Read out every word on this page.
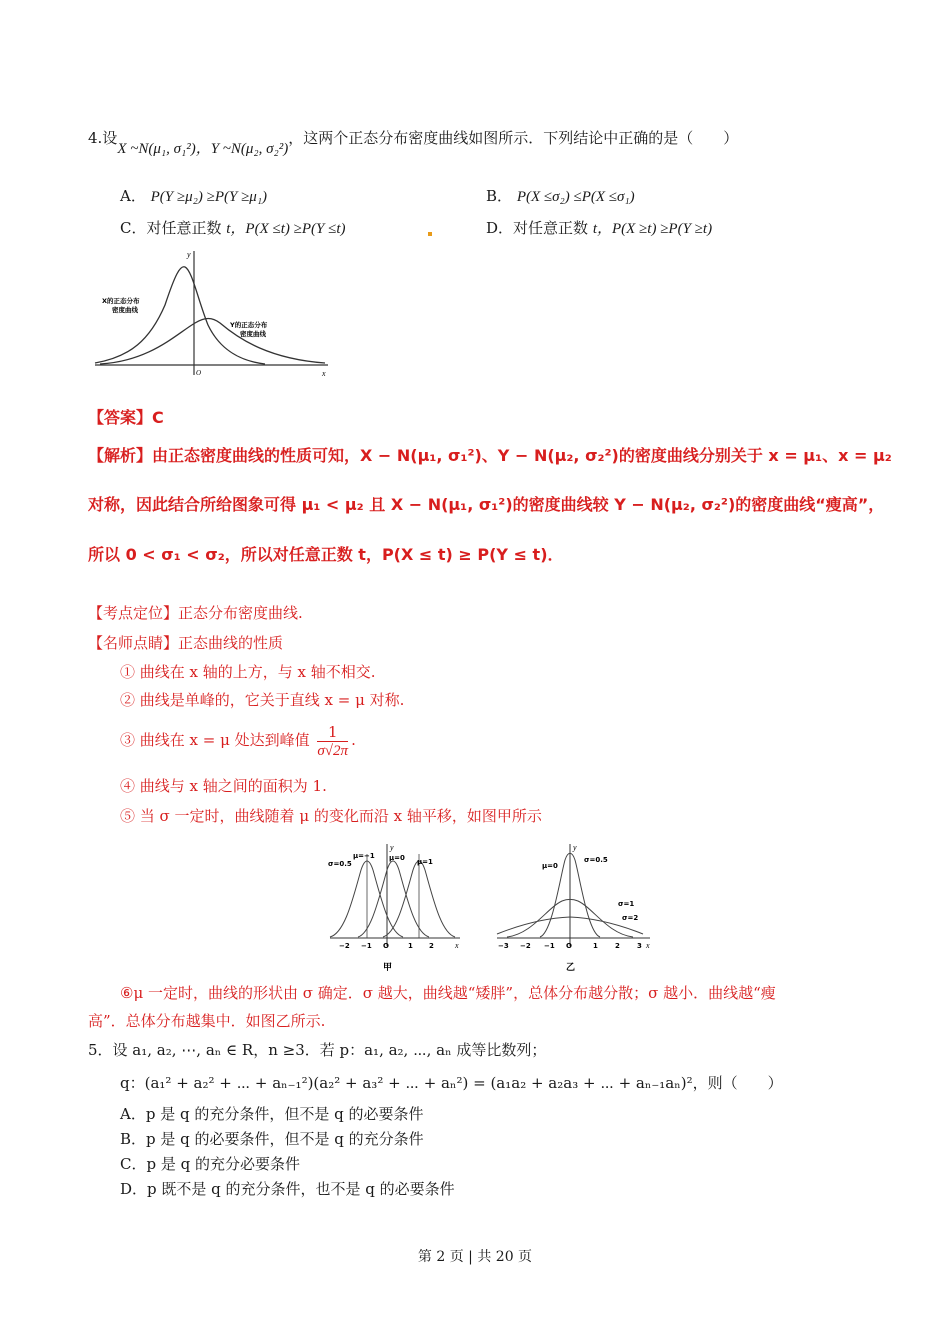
4.设X ~N(μ₁, σ₁²)，Y ~N(μ₂, σ₂²)，这两个正态分布密度曲线如图所示．下列结论中正确的是（　　）
A． P(Y ≥μ₂) ≥P(Y ≥μ₁)	B． P(X ≤σ₂) ≤P(X ≤σ₁)
C．对任意正数 t，P(X ≤t) ≥P(Y ≤t)	D．对任意正数 t，P(X ≥t) ≥P(Y ≥t)
y
x
O
X的正态分布
密度曲线
Y的正态分布
密度曲线
【答案】C
【解析】由正态密度曲线的性质可知，X − N(μ₁, σ₁²)、Y − N(μ₂, σ₂²)的密度曲线分别关于 x = μ₁、x = μ₂
对称，因此结合所给图象可得 μ₁ < μ₂ 且 X − N(μ₁, σ₁²)的密度曲线较 Y − N(μ₂, σ₂²)的密度曲线“瘦高”，
所以 0 < σ₁ < σ₂，所以对任意正数 t，P(X ≤ t) ≥ P(Y ≤ t)．
【考点定位】正态分布密度曲线.
【名师点睛】正态曲线的性质
① 曲线在 x 轴的上方，与 x 轴不相交.
② 曲线是单峰的，它关于直线 x = μ 对称.
③ 曲线在 x = μ 处达到峰值 $\frac{1}{\sigma√2\pi}$ .
④ 曲线与 x 轴之间的面积为 1.
⑤ 当 σ 一定时，曲线随着 μ 的变化而沿 x 轴平移，如图甲所示
y
x
σ=0.5
μ=−1 μ=0 μ=1
−2 −1 O	1 2
甲
y
x
μ=0
σ=0.5
σ=1
σ=2
−3 −2 −1 O	1 2 3
乙
⑥μ 一定时，曲线的形状由 σ 确定．σ 越大，曲线越“矮胖”，总体分布越分散；σ 越小．曲线越“瘦
高”．总体分布越集中．如图乙所示.
5．设 a₁, a₂, ⋯, aₙ ∈ R，n ≥3．若 p：a₁, a₂, ⋯, aₙ 成等比数列；
q：(a₁² + a₂² + ⋯ + aₙ₋₁²)(a₂² + a₃² + ⋯ + aₙ²) = (a₁a₂ + a₂a₃ + ⋯ + aₙ₋₁aₙ)²，则（　　）
A．p 是 q 的充分条件，但不是 q 的必要条件
B．p 是 q 的必要条件，但不是 q 的充分条件
C．p 是 q 的充分必要条件
D．p 既不是 q 的充分条件，也不是 q 的必要条件
第 2 页 | 共 20 页
